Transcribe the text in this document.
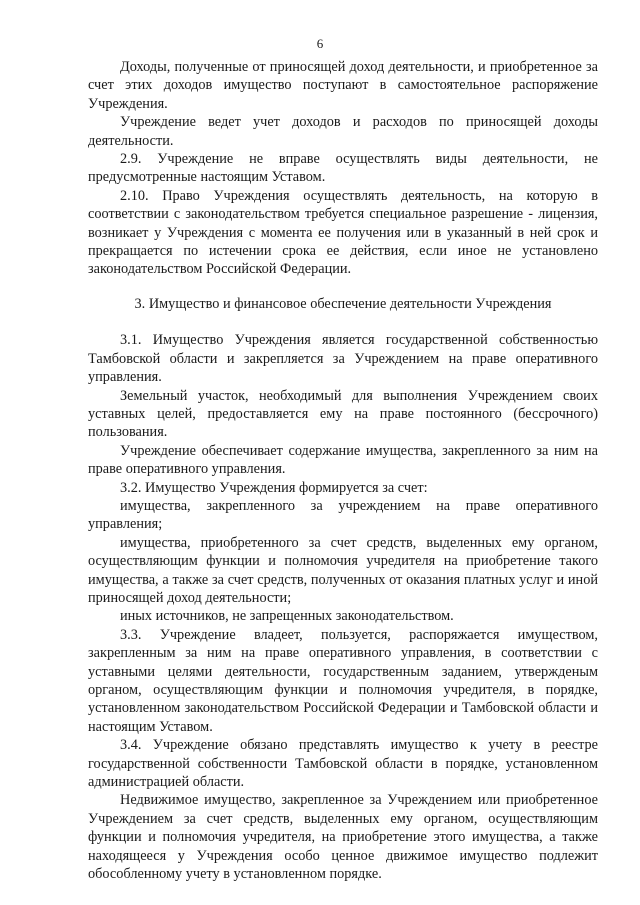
6

Доходы, полученные от приносящей доход деятельности, и приобретенное за счет этих доходов имущество поступают в самостоятельное распоряжение Учреждения.

Учреждение ведет учет доходов и расходов по приносящей доходы деятельности.

2.9. Учреждение не вправе осуществлять виды деятельности, не предусмотренные настоящим Уставом.

2.10. Право Учреждения осуществлять деятельность, на которую в соответствии с законодательством требуется специальное разрешение - лицензия, возникает у Учреждения с момента ее получения или в указанный в ней срок и прекращается по истечении срока ее действия, если иное не установлено законодательством Российской Федерации.

3. Имущество и финансовое обеспечение деятельности Учреждения

3.1. Имущество Учреждения является государственной собственностью Тамбовской области и закрепляется за Учреждением на праве оперативного управления.

Земельный участок, необходимый для выполнения Учреждением своих уставных целей, предоставляется ему на праве постоянного (бессрочного) пользования.

Учреждение обеспечивает содержание имущества, закрепленного за ним на праве оперативного управления.

3.2. Имущество Учреждения формируется за счет:

имущества, закрепленного за учреждением на праве оперативного управления;

имущества, приобретенного за счет средств, выделенных ему органом, осуществляющим функции и полномочия учредителя на приобретение такого имущества, а также за счет средств, полученных от оказания платных услуг и иной приносящей доход деятельности;

иных источников, не запрещенных законодательством.

3.3. Учреждение владеет, пользуется, распоряжается имуществом, закрепленным за ним на праве оперативного управления, в соответствии с уставными целями деятельности, государственным заданием, утвержденым органом, осуществляющим функции и полномочия учредителя, в порядке, установленном законодательством Российской Федерации и Тамбовской области и настоящим Уставом.

3.4. Учреждение обязано представлять имущество к учету в реестре государственной собственности Тамбовской области в порядке, установленном администрацией области.

Недвижимое имущество, закрепленное за Учреждением или приобретенное Учреждением за счет средств, выделенных ему органом, осуществляющим функции и полномочия учредителя, на приобретение этого имущества, а также находящееся у Учреждения особо ценное движимое имущество подлежит обособленному учету в установленном порядке.
